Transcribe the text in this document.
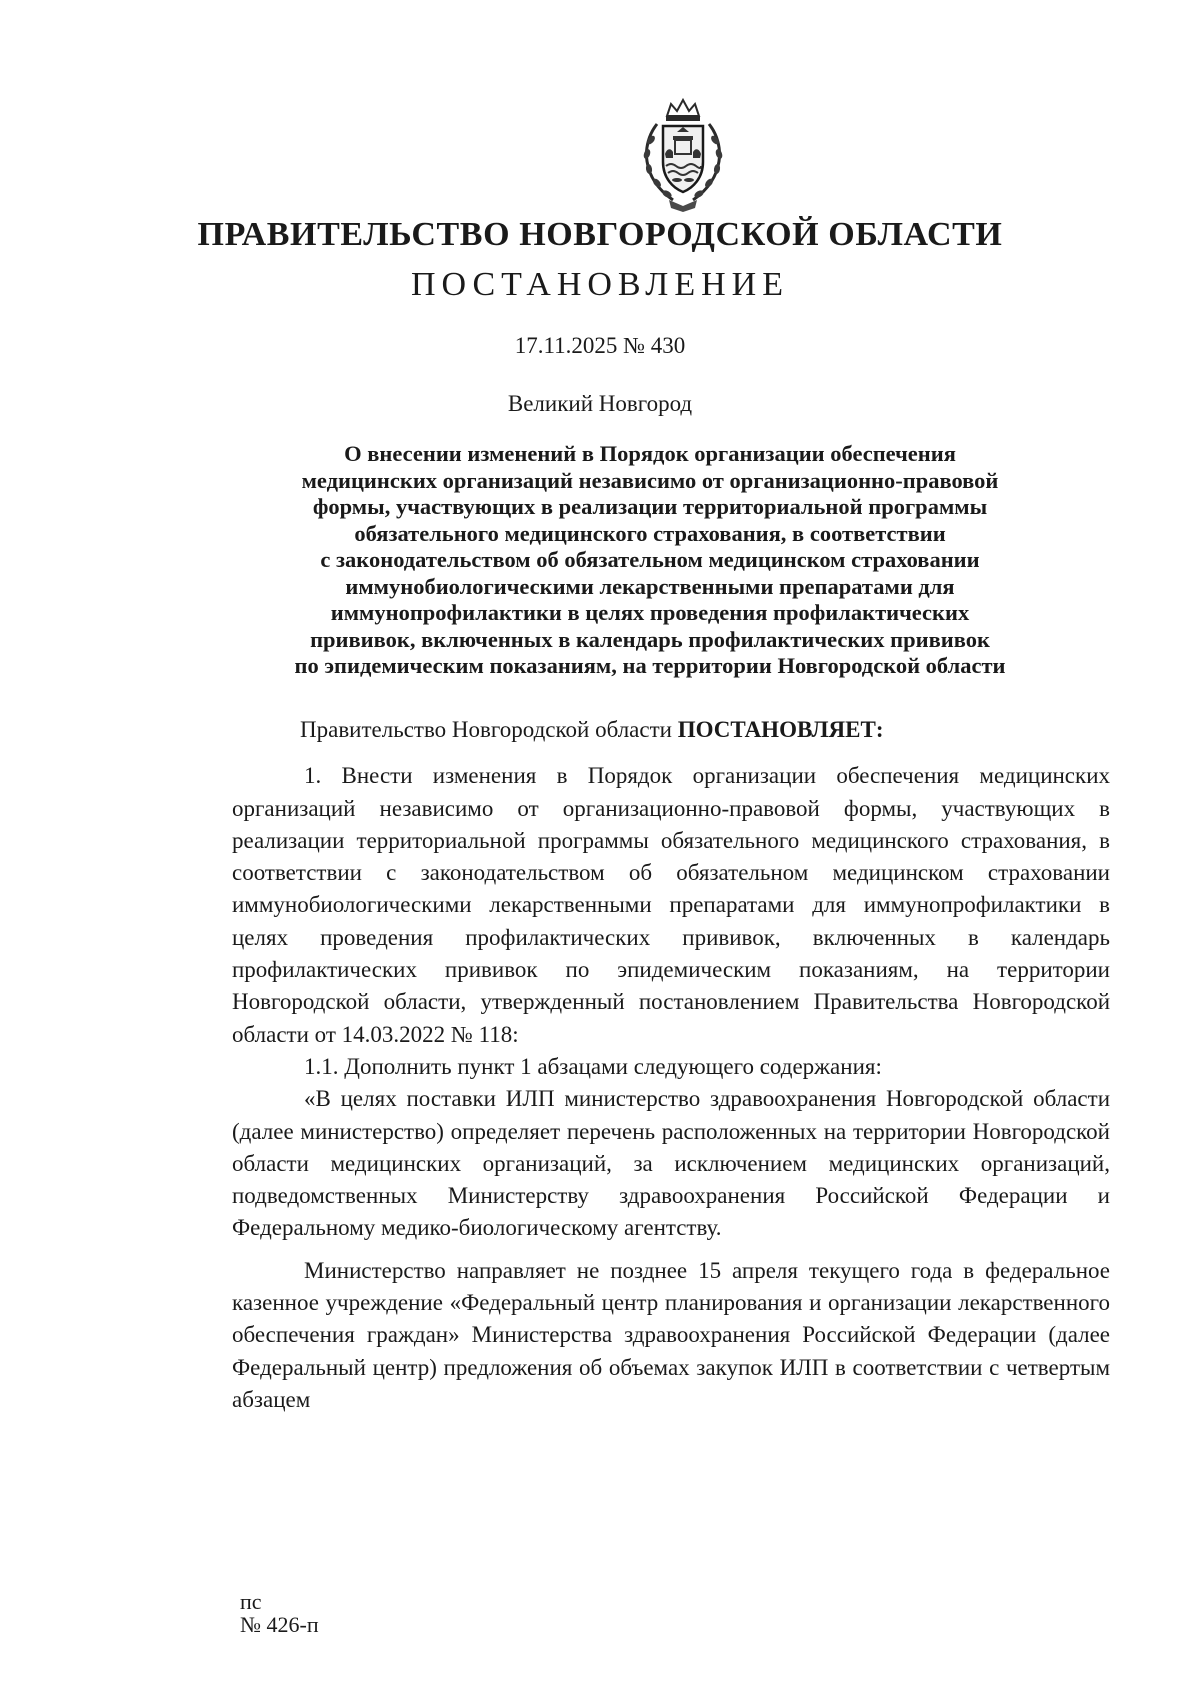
ПРАВИТЕЛЬСТВО НОВГОРОДСКОЙ ОБЛАСТИ
ПОСТАНОВЛЕНИЕ
17.11.2025 № 430
Великий Новгород
О внесении изменений в Порядок организации обеспечения
медицинских организаций независимо от организационно-правовой
формы, участвующих в реализации территориальной программы
обязательного медицинского страхования, в соответствии
с законодательством об обязательном медицинском страховании
иммунобиологическими лекарственными препаратами для
иммунопрофилактики в целях проведения профилактических
прививок, включенных в календарь профилактических прививок
по эпидемическим показаниям, на территории Новгородской области

Правительство Новгородской области ПОСТАНОВЛЯЕТ:

1. Внести изменения в Порядок организации обеспечения медицинских организаций независимо от организационно-правовой формы, участвующих в реализации территориальной программы обязательного медицинского страхования, в соответствии с законодательством об обязательном медицинском страховании иммунобиологическими лекарственными препаратами для иммунопрофилактики в целях проведения профилактических прививок, включенных в календарь профилактических прививок по эпидемическим показаниям, на территории Новгородской области, утвержденный постановлением Правительства Новгородской области от 14.03.2022 № 118:

1.1. Дополнить пункт 1 абзацами следующего содержания:

«В целях поставки ИЛП министерство здравоохранения Новгородской области (далее министерство) определяет перечень расположенных на территории Новгородской области медицинских организаций, за исключением медицинских организаций, подведомственных Министерству здравоохранения Российской Федерации и Федеральному медико-биологическому агентству.

Министерство направляет не позднее 15 апреля текущего года в федеральное казенное учреждение «Федеральный центр планирования и организации лекарственного обеспечения граждан» Министерства здравоохранения Российской Федерации (далее Федеральный центр) предложения об объемах закупок ИЛП в соответствии с четвертым абзацем

пс
№ 426-п
